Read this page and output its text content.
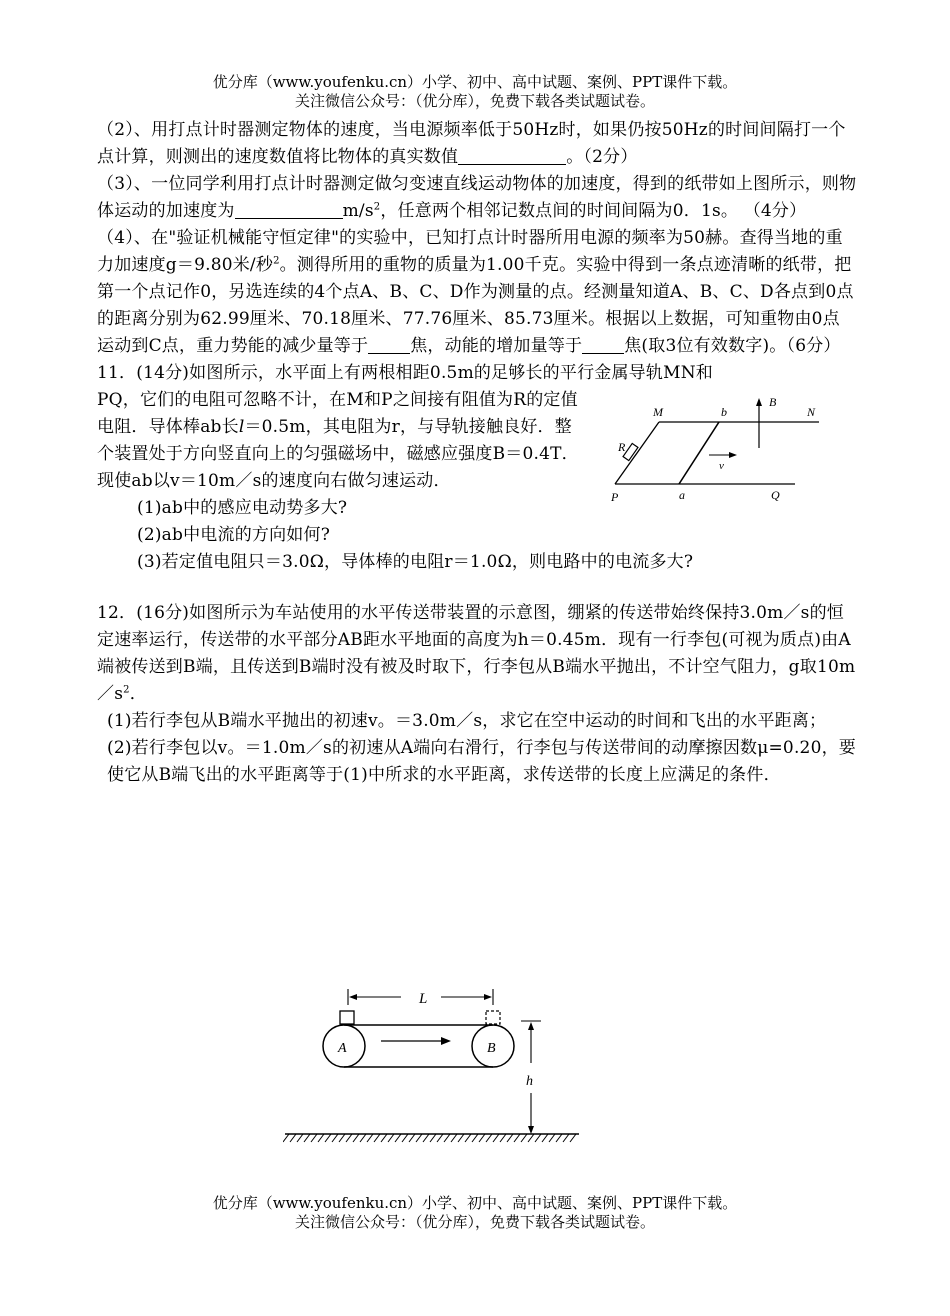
优分库（www.youfenku.cn）小学、初中、高中试题、案例、PPT课件下载。
关注微信公众号：（优分库），免费下载各类试题试卷。

（2）、用打点计时器测定物体的速度，当电源频率低于50Hz时，如果仍按50Hz的时间间隔打一个点计算，则测出的速度数值将比物体的真实数值	。（2分）

（3）、一位同学利用打点计时器测定做匀变速直线运动物体的加速度，得到的纸带如上图所示，则物体运动的加速度为	$m/s^2$，任意两个相邻记数点间的时间间隔为0．1s。 （4分）

（4）、在"验证机械能守恒定律"的实验中，已知打点计时器所用电源的频率为50赫。查得当地的重力加速度g＝9.80米/秒$^2$。测得所用的重物的质量为1.00千克。实验中得到一条点迹清晰的纸带，把第一个点记作0，另选连续的4个点A、B、C、D作为测量的点。经测量知道A、B、C、D各点到0点的距离分别为62.99厘米、70.18厘米、77.76厘米、85.73厘米。根据以上数据，可知重物由0点运动到C点，重力势能的减少量等于 焦，动能的增加量等于 焦(取3位有效数字)。（6分）

11．(14分)如图所示，水平面上有两根相距0.5m的足够长的平行金属导轨MN和

PQ，它们的电阻可忽略不计，在M和P之间接有阻值为R的定值电阻．导体棒ab长l＝0.5m，其电阻为r，与导轨接触良好．整个装置处于方向竖直向上的匀强磁场中，磁感应强度B＝0.4T．现使ab以v＝10m／s的速度向右做匀速运动．

(1)ab中的感应电动势多大?

(2)ab中电流的方向如何?

(3)若定值电阻只＝3.0Ω，导体棒的电阻r＝1.0Ω，则电路中的电流多大?

M	b
B
N
R
v
P	a	Q

12．(16分)如图所示为车站使用的水平传送带装置的示意图，绷紧的传送带始终保持3.0m／s的恒定速率运行，传送带的水平部分AB距水平地面的高度为h＝0.45m．现有一行李包(可视为质点)由A端被传送到B端，且传送到B端时没有被及时取下，行李包从B端水平抛出，不计空气阻力，g取$10m/s^2$．

(1)若行李包从B端水平抛出的初速v。＝3.0m／s，求它在空中运动的时间和飞出的水平距离；

(2)若行李包以v。＝1.0m／s的初速从A端向右滑行，行李包与传送带间的动摩擦因数μ=0.20，要使它从B端飞出的水平距离等于(1)中所求的水平距离，求传送带的长度上应满足的条件．

L
A	B
h
优分库（www.youfenku.cn）小学、初中、高中试题、案例、PPT课件下载。
关注微信公众号：（优分库），免费下载各类试题试卷。
